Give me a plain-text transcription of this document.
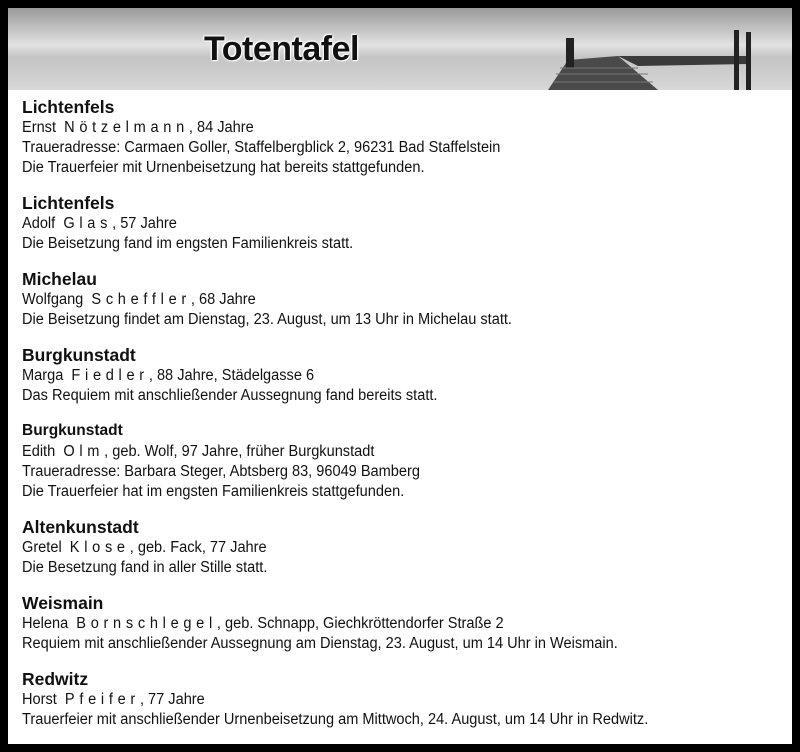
Totentafel
Lichtenfels
Ernst Nötzelmann, 84 Jahre
Traueradresse: Carmaen Goller, Staffelbergblick 2, 96231 Bad Staffelstein
Die Trauerfeier mit Urnenbeisetzung hat bereits stattgefunden.
Lichtenfels
Adolf Glas, 57 Jahre
Die Beisetzung fand im engsten Familienkreis statt.
Michelau
Wolfgang Scheffler, 68 Jahre
Die Beisetzung findet am Dienstag, 23. August, um 13 Uhr in Michelau statt.
Burgkunstadt
Marga Fiedler, 88 Jahre, Städelgasse 6
Das Requiem mit anschließender Aussegnung fand bereits statt.
Burgkunstadt
Edith Olm, geb. Wolf, 97 Jahre, früher Burgkunstadt
Traueradresse: Barbara Steger, Abtsberg 83, 96049 Bamberg
Die Trauerfeier hat im engsten Familienkreis stattgefunden.
Altenkunstadt
Gretel Klose, geb. Fack, 77 Jahre
Die Besetzung fand in aller Stille statt.
Weismain
Helena Bornschlegel, geb. Schnapp, Giechkröttendorfer Straße 2
Requiem mit anschließender Aussegnung am Dienstag, 23. August, um 14 Uhr in Weismain.
Redwitz
Horst Pfeifer, 77 Jahre
Trauerfeier mit anschließender Urnenbeisetzung am Mittwoch, 24. August, um 14 Uhr in Redwitz.
